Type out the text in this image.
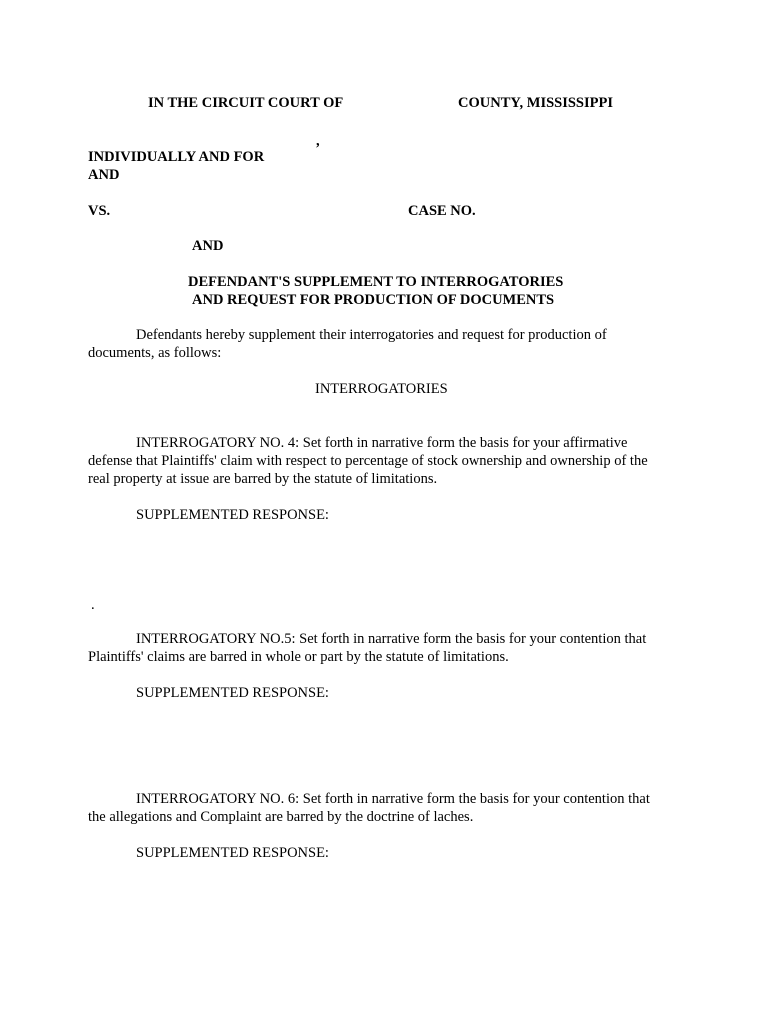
IN THE CIRCUIT COURT OF	COUNTY, MISSISSIPPI
,
INDIVIDUALLY AND FOR
AND
VS.	CASE NO.
AND
DEFENDANT'S SUPPLEMENT TO INTERROGATORIES
AND REQUEST FOR PRODUCTION OF DOCUMENTS
Defendants hereby supplement their interrogatories and request for production of
documents, as follows:
INTERROGATORIES
INTERROGATORY NO. 4: Set forth in narrative form the basis for your affirmative
defense that Plaintiffs' claim with respect to percentage of stock ownership and ownership of the
real property at issue are barred by the statute of limitations.
SUPPLEMENTED RESPONSE:
.
INTERROGATORY NO.5: Set forth in narrative form the basis for your contention that
Plaintiffs' claims are barred in whole or part by the statute of limitations.
SUPPLEMENTED RESPONSE:
INTERROGATORY NO. 6: Set forth in narrative form the basis for your contention that
the allegations and Complaint are barred by the doctrine of laches.
SUPPLEMENTED RESPONSE:
